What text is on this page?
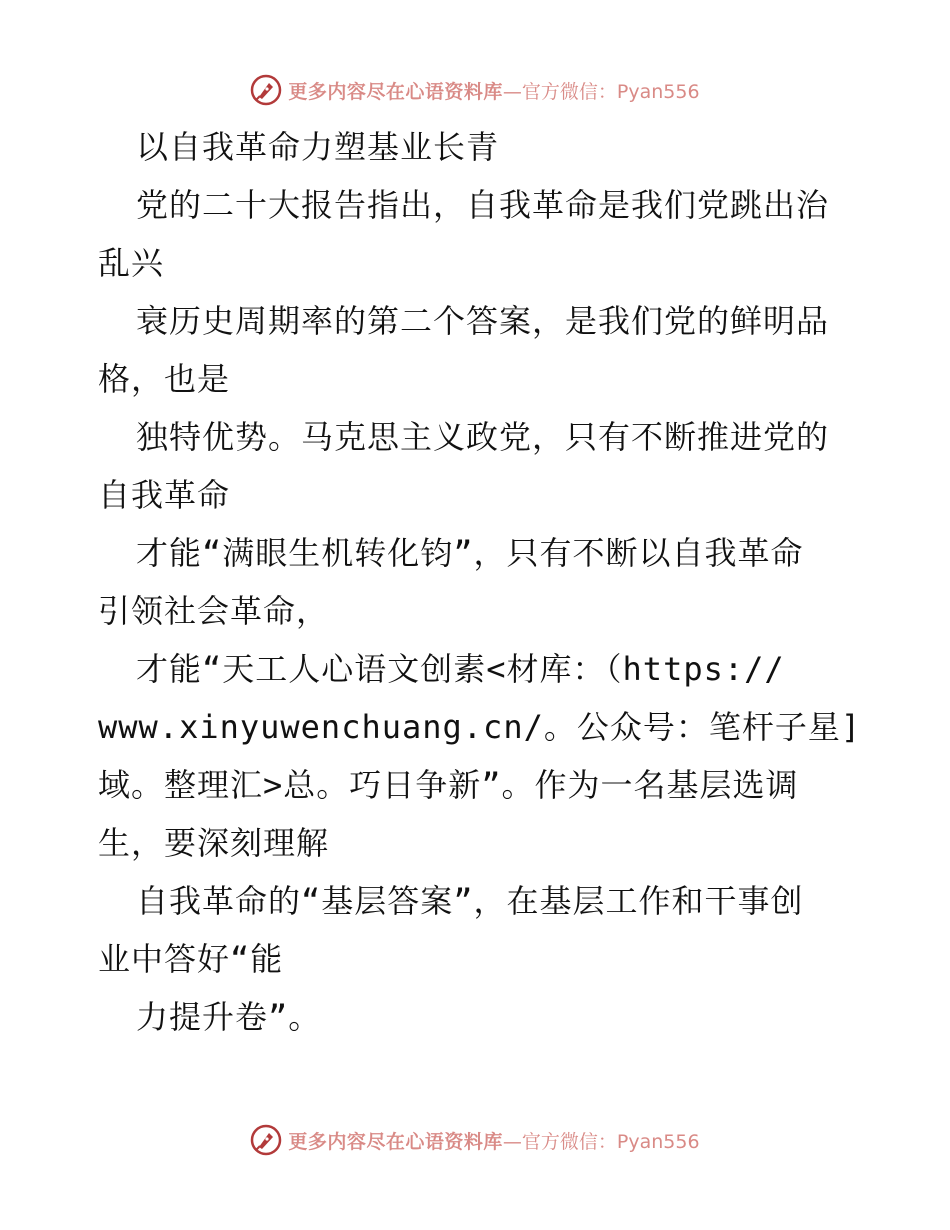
更多内容尽在心语资料库 —官方微信：Pyan556
以自我革命力塑基业长青
党的二十大报告指出，自我革命是我们党跳出治
乱兴
衰历史周期率的第二个答案，是我们党的鲜明品
格，也是
独特优势。马克思主义政党，只有不断推进党的
自我革命
才能“满眼生机转化钧”，只有不断以自我革命
引领社会革命，
才能“天工人心语文创素<材库：（https://
www.xinyuwenchuang.cn/。公众号：笔杆子星]
域。整理汇>总。巧日争新”。作为一名基层选调
生，要深刻理解
自我革命的“基层答案”，在基层工作和干事创
业中答好“能
力提升卷”。
更多内容尽在心语资料库 —官方微信：Pyan556
